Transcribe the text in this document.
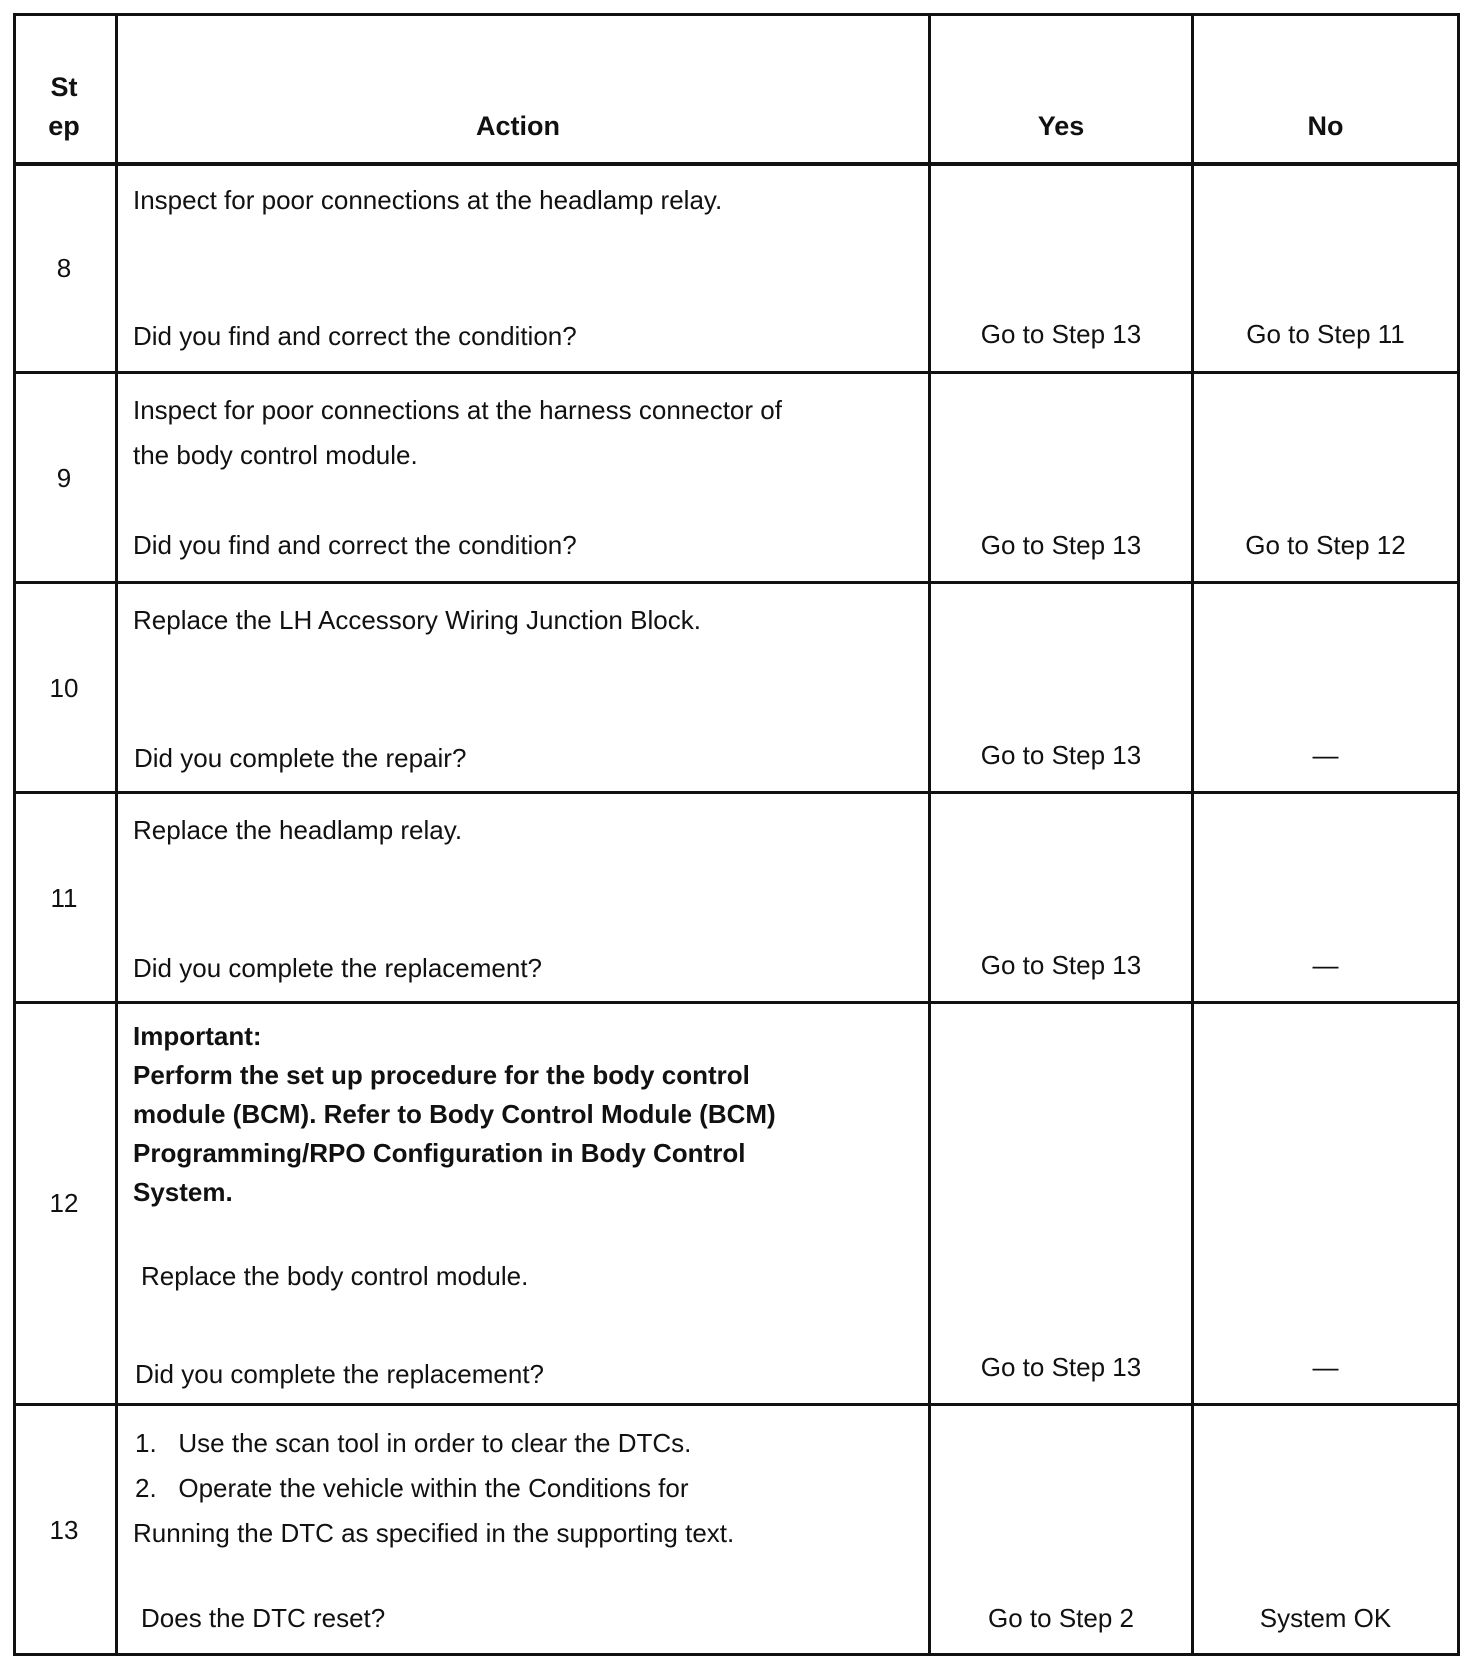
St
ep	Action	Yes	No
8
Inspect for poor connections at the headlamp relay.
Did you find and correct the condition?	Go to Step 13	Go to Step 11
9
Inspect for poor connections at the harness connector of
the body control module.
Did you find and correct the condition?	Go to Step 13	Go to Step 12
10
Replace the LH Accessory Wiring Junction Block.
Did you complete the repair?	Go to Step 13	—
11
Replace the headlamp relay.
Did you complete the replacement?	Go to Step 13	—
12
Important:
Perform the set up procedure for the body control
module (BCM). Refer to Body Control Module (BCM)
Programming/RPO Configuration in Body Control
System.
Replace the body control module.
Did you complete the replacement?	Go to Step 13	—
13
1.   Use the scan tool in order to clear the DTCs.
2.   Operate the vehicle within the Conditions for
Running the DTC as specified in the supporting text.
Does the DTC reset?	Go to Step 2	System OK
